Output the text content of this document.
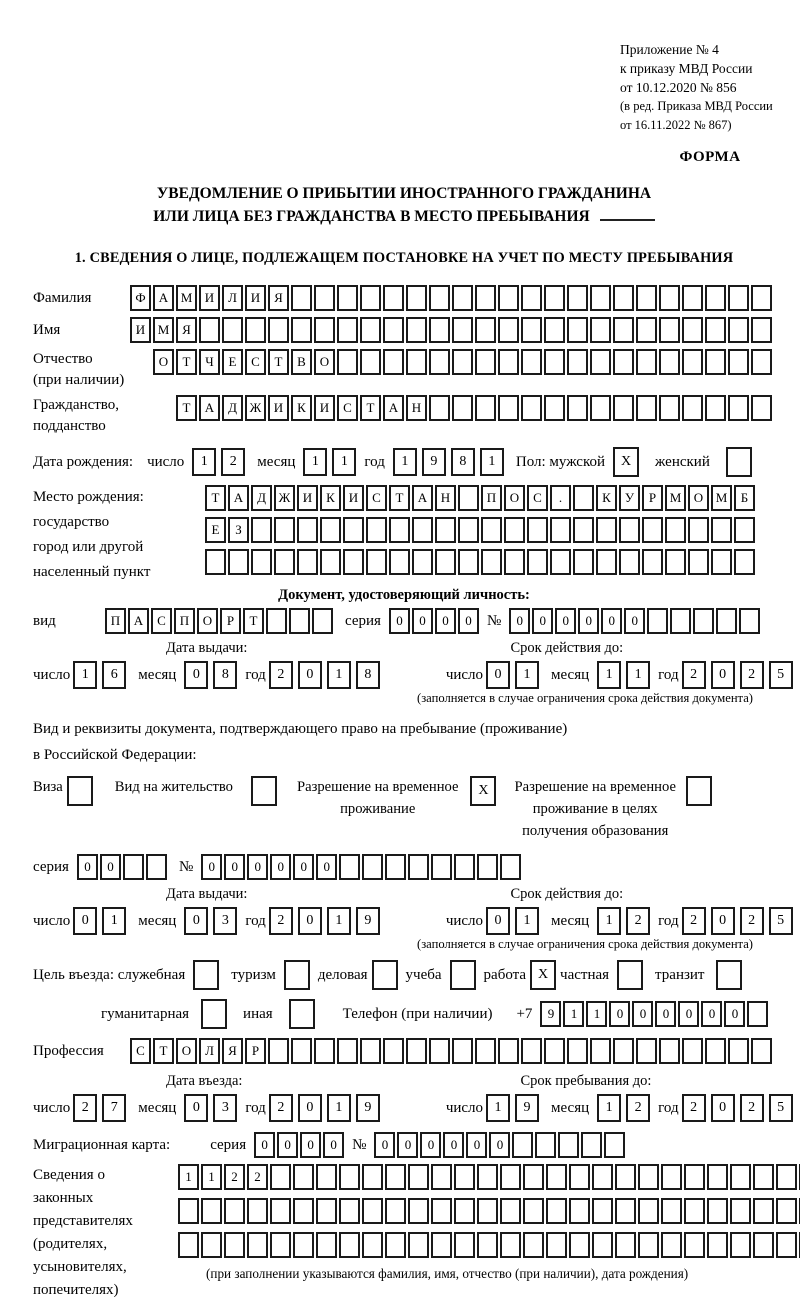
Приложение № 4
к приказу МВД России
от 10.12.2020 № 856
(в ред. Приказа МВД России
от 16.11.2022 № 867)
ФОРМА
УВЕДОМЛЕНИЕ О ПРИБЫТИИ ИНОСТРАННОГО ГРАЖДАНИНА
ИЛИ ЛИЦА БЕЗ ГРАЖДАНСТВА В МЕСТО ПРЕБЫВАНИЯ
1. СВЕДЕНИЯ О ЛИЦЕ, ПОДЛЕЖАЩЕМ ПОСТАНОВКЕ НА УЧЕТ ПО МЕСТУ ПРЕБЫВАНИЯ
Фамилия	Ф	А М И	Л	И	Я
Имя	И М Я
Отчество
(при наличии)
О	Т	Ч	Е	С	Т	В	О
Гражданство,
подданство
Т	А	Д Ж И	К	И	С	Т	А	Н
Дата рождения: число	1	2	месяц	1	1	год	1	9	8	1	Пол: мужской	X	женский
Место рождения:
государство
город или другой
населенный пункт
Т	А	Д Ж И	К	И	С	Т	А	Н	П	О	С	.	К	У	Р	М О М	Б
Е	З
Документ, удостоверяющий личность:
вид	П	А	С	П	О	Р	Т	серия	0	0	0	0	№	0	0	0	0	0	0
Дата выдачи:	Срок действия до:
число 1	6	месяц	0	8	год 2	0	1	8	число 0	1	месяц	1	1	год 2	0	2	5
(заполняется в случае ограничения срока действия документа)
Вид и реквизиты документа, подтверждающего право на пребывание (проживание)
в Российской Федерации:
Виза	Вид на жительство	Разрешение на временное
проживание
X	Разрешение на временное
проживание в целях
получения образования
серия	0	0	№	0	0	0	0	0	0
Дата выдачи:	Срок действия до:
число 0	1	месяц	0	3	год 2	0	1	9	число 0	1	месяц	1	2	год 2	0	2	5
(заполняется в случае ограничения срока действия документа)
Цель въезда: служебная	туризм	деловая	учеба	работа X частная	транзит
гуманитарная	иная	Телефон (при наличии) +7	9	1	1	0	0	0	0	0	0
Профессия	С	Т	О	Л	Я	Р
Дата въезда:	Срок пребывания до:
число 2	7	месяц	0	3	год 2	0	1	9	число 1	9	месяц	1	2	год 2	0	2	5
Миграционная карта:	серия	0	0	0	0	№	0	0	0	0	0	0
Сведения о
законных
представителях
(родителях,
усыновителях,
попечителях)
1	1	2	2
(при заполнении указываются фамилия, имя, отчество (при наличии), дата рождения)
